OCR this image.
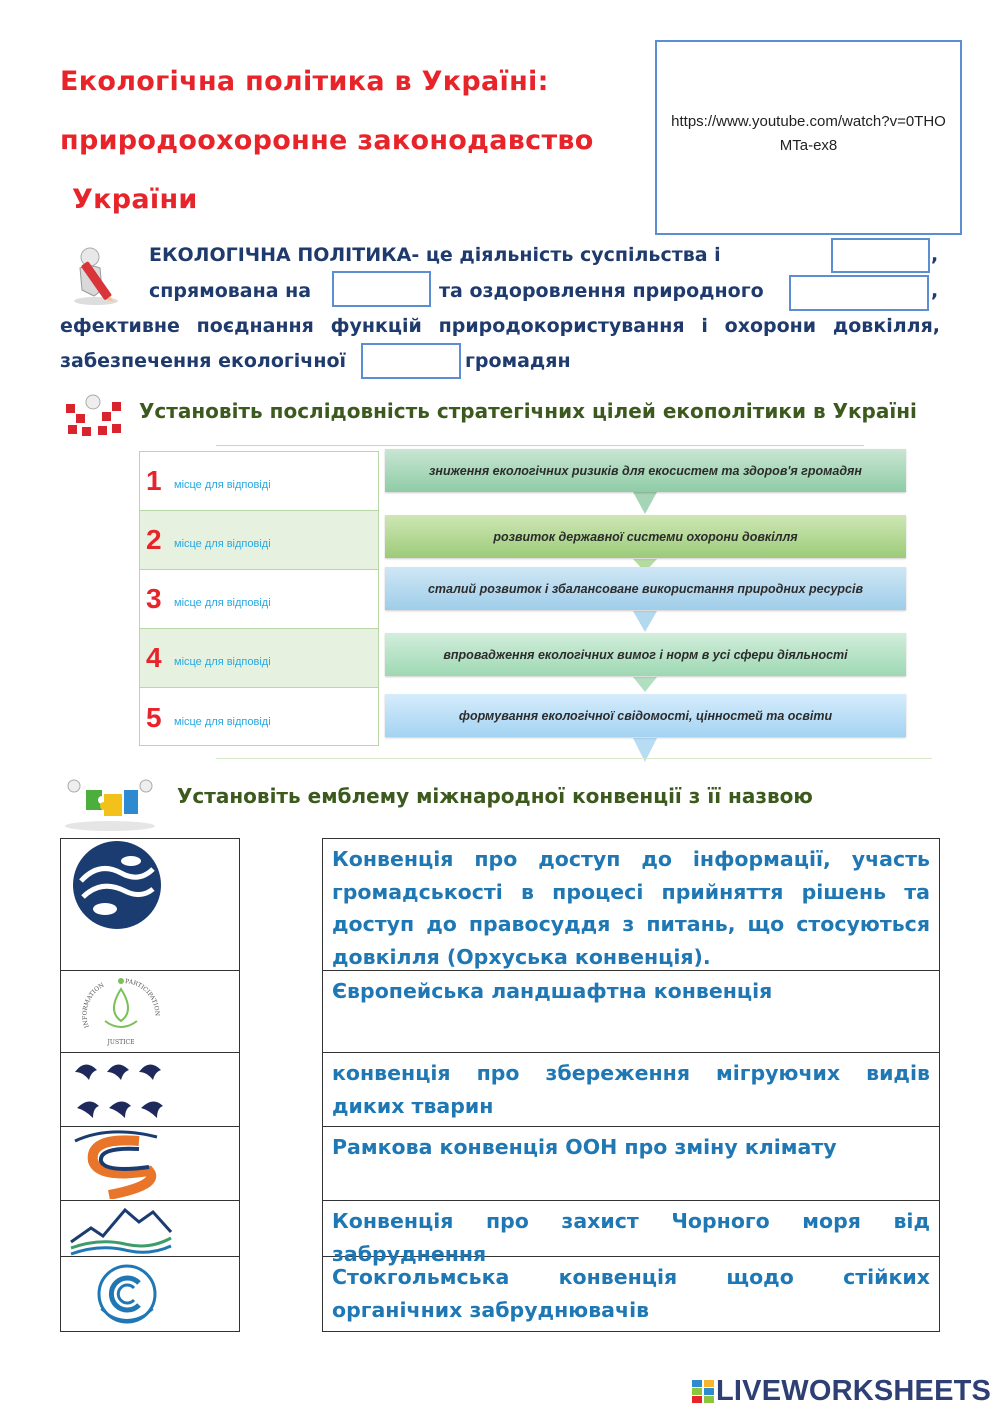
Екологічна політика в Україні:
природоохоронне законодавство
України
https://www.youtube.com/watch?v=0THOMTa-ex8
ЕКОЛОГІЧНА ПОЛІТИКА- це діяльність суспільства і	,
спрямована на	та оздоровлення природного	,
ефективне поєднання функцій природокористування і охорони довкілля,
забезпечення екологічної	громадян
Установіть послідовність стратегічних цілей екополітики в Україні
1	місце для відповіді
2	місце для відповіді
3	місце для відповіді
4	місце для відповіді
5	місце для відповіді
зниження екологічних ризиків для екосистем та здоров'я громадян
розвиток державної системи охорони довкілля
сталий розвиток і збалансоване використання природних ресурсів
впровадження екологічних вимог і норм в усі сфери діяльності
формування екологічної свідомості, цінностей та освіти
Установіть емблему міжнародної конвенції з її назвою
INFORMATION
PARTICIPATION
JUSTICE
Конвенція про доступ до інформації, участь громадськості в процесі прийняття рішень та доступ до правосуддя з питань, що стосуються довкілля (Орхуська конвенція).
Європейська ландшафтна конвенція
конвенція про збереження мігруючих видів диких тварин
Рамкова конвенція ООН про зміну клімату
Конвенція про захист Чорного моря від забруднення
Стокгольмська конвенція щодо стійких органічних забруднювачів
LIVEWORKSHEETS
